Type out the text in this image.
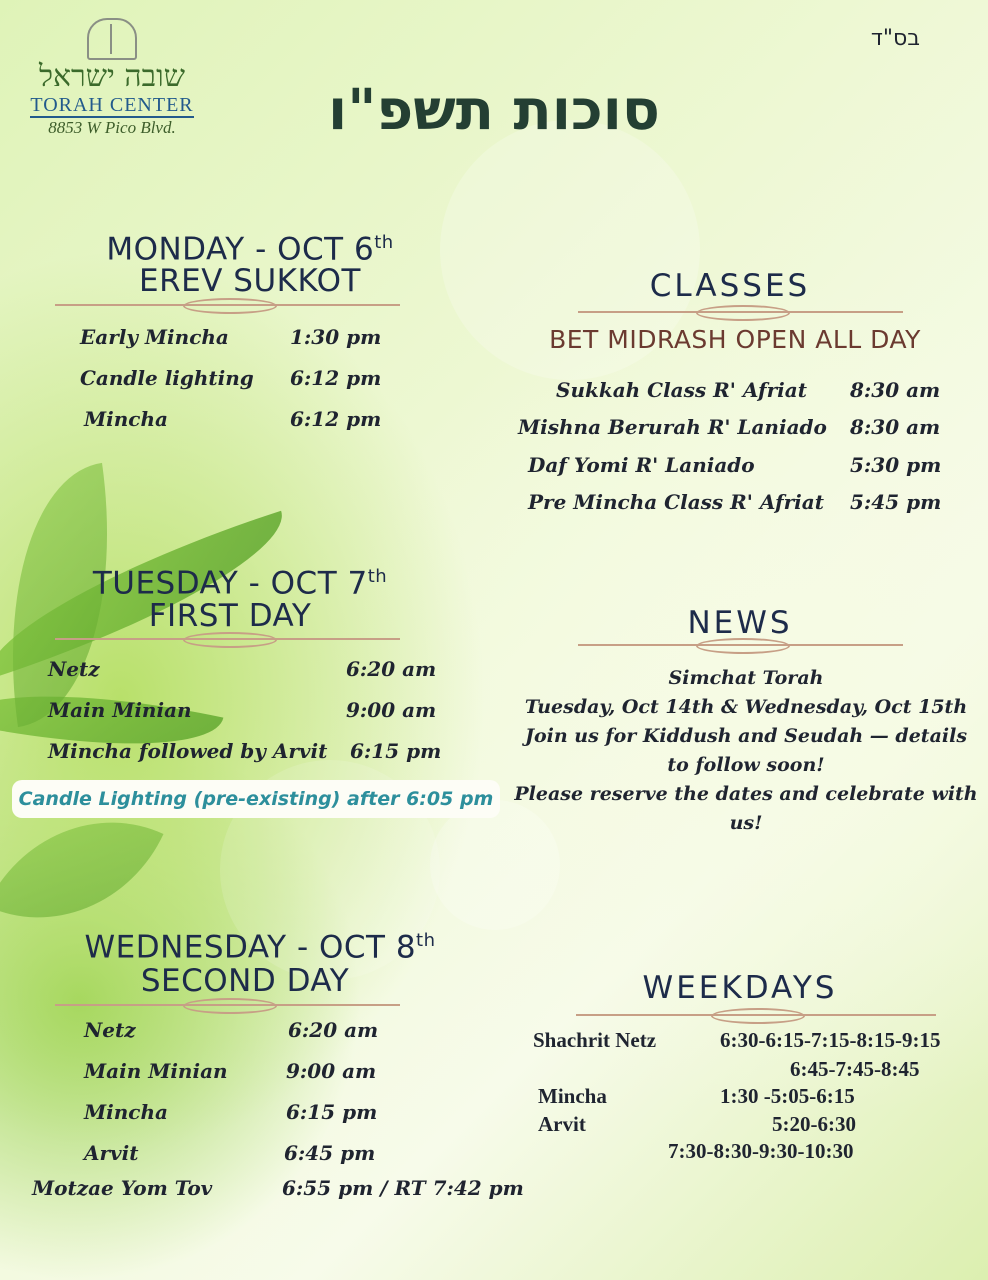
בס"ד
שובה ישראל
TORAH CENTER
8853 W Pico Blvd.	סוכות תשפ"ו
MONDAY - OCT 6th
EREV SUKKOT
Early Mincha	1:30 pm
Candle lighting 6:12 pm
Mincha	6:12 pm
TUESDAY - OCT 7th
FIRST DAY
Netz	6:20 am
Main Minian	9:00 am
Mincha followed by Arvit 6:15 pm
Candle Lighting (pre-existing) after 6:05 pm
WEDNESDAY - OCT 8th
SECOND DAY
Netz	6:20 am
Main Minian	9:00 am
Mincha	6:15 pm
Arvit	6:45 pm
Motzae Yom Tov	6:55 pm / RT 7:42 pm
CLASSES
BET MIDRASH OPEN ALL DAY
Sukkah Class R' Afriat 8:30 am
Mishna Berurah R' Laniado 8:30 am
Daf Yomi R' Laniado	5:30 pm
Pre Mincha Class R' Afriat 5:45 pm
NEWS
Simchat Torah
Tuesday, Oct 14th & Wednesday, Oct 15th
Join us for Kiddush and Seudah — details to follow soon!
Please reserve the dates and celebrate with us!
WEEKDAYS
Shachrit Netz	6:30-6:15-7:15-8:15-9:15
6:45-7:45-8:45
Mincha	1:30 -5:05-6:15
Arvit	5:20-6:30
7:30-8:30-9:30-10:30
